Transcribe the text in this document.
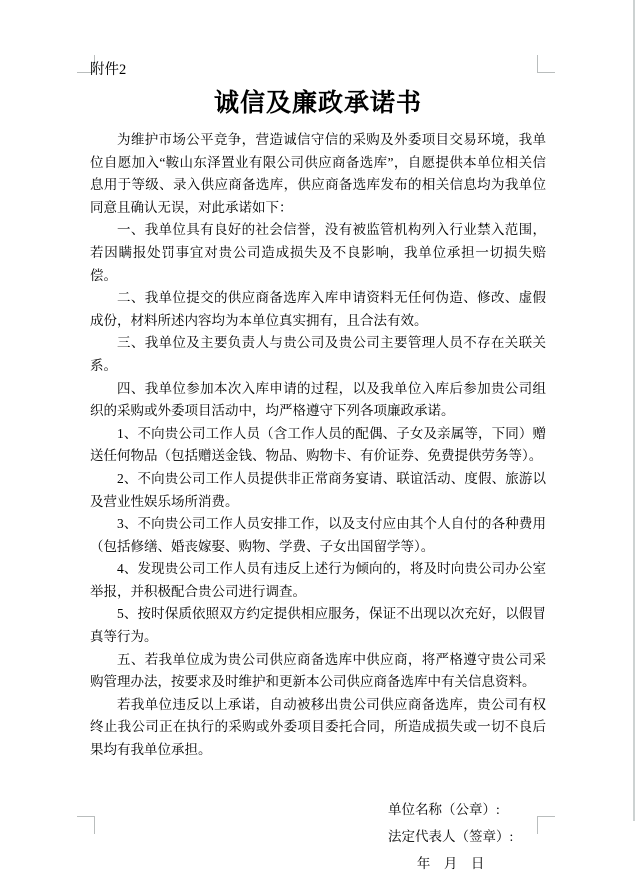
附件2

诚信及廉政承诺书

为维护市场公平竞争，营造诚信守信的采购及外委项目交易环境，我单位自愿加入“鞍山东泽置业有限公司供应商备选库”，自愿提供本单位相关信息用于等级、录入供应商备选库，供应商备选库发布的相关信息均为我单位同意且确认无误，对此承诺如下：

一、我单位具有良好的社会信誉，没有被监管机构列入行业禁入范围，若因瞒报处罚事宜对贵公司造成损失及不良影响，我单位承担一切损失赔偿。

二、我单位提交的供应商备选库入库申请资料无任何伪造、修改、虚假成份，材料所述内容均为本单位真实拥有，且合法有效。

三、我单位及主要负责人与贵公司及贵公司主要管理人员不存在关联关系。

四、我单位参加本次入库申请的过程，以及我单位入库后参加贵公司组织的采购或外委项目活动中，均严格遵守下列各项廉政承诺。

1、不向贵公司工作人员（含工作人员的配偶、子女及亲属等，下同）赠送任何物品（包括赠送金钱、物品、购物卡、有价证券、免费提供劳务等）。

2、不向贵公司工作人员提供非正常商务宴请、联谊活动、度假、旅游以及营业性娱乐场所消费。

3、不向贵公司工作人员安排工作，以及支付应由其个人自付的各种费用（包括修缮、婚丧嫁娶、购物、学费、子女出国留学等）。

4、发现贵公司工作人员有违反上述行为倾向的，将及时向贵公司办公室举报，并积极配合贵公司进行调查。

5、按时保质依照双方约定提供相应服务，保证不出现以次充好，以假冒真等行为。

五、若我单位成为贵公司供应商备选库中供应商，将严格遵守贵公司采购管理办法，按要求及时维护和更新本公司供应商备选库中有关信息资料。

若我单位违反以上承诺，自动被移出贵公司供应商备选库，贵公司有权终止我公司正在执行的采购或外委项目委托合同，所造成损失或一切不良后果均有我单位承担。

单位名称（公章）:

法定代表人（签章）:

年　月　日
